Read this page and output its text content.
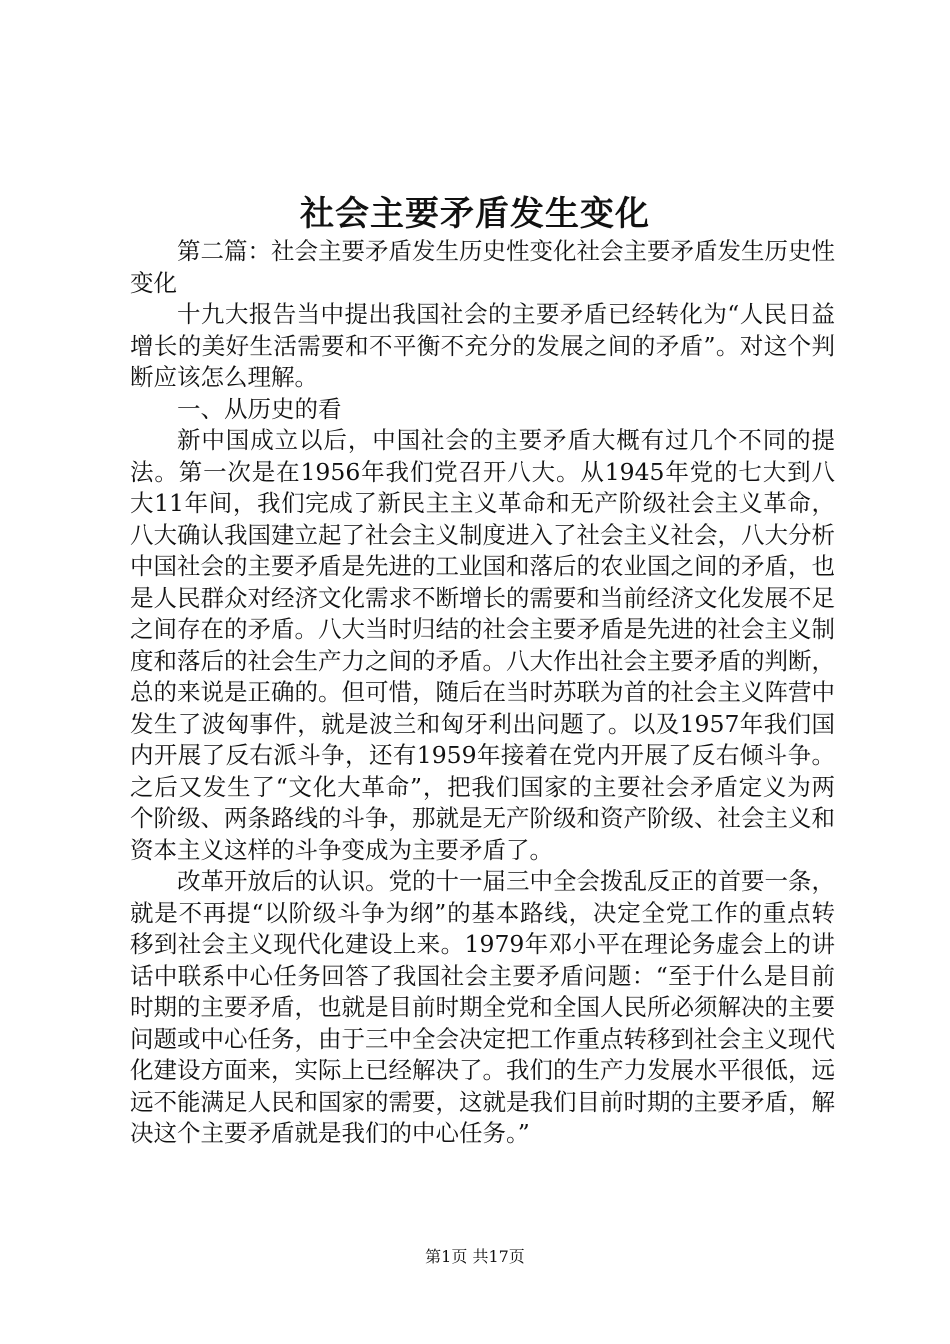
社会主要矛盾发生变化

第二篇：社会主要矛盾发生历史性变化社会主要矛盾发生历史性变化

十九大报告当中提出我国社会的主要矛盾已经转化为“人民日益增长的美好生活需要和不平衡不充分的发展之间的矛盾”。对这个判断应该怎么理解。

一、从历史的看

新中国成立以后，中国社会的主要矛盾大概有过几个不同的提法。第一次是在1956年我们党召开八大。从1945年党的七大到八大11年间，我们完成了新民主主义革命和无产阶级社会主义革命，八大确认我国建立起了社会主义制度进入了社会主义社会，八大分析中国社会的主要矛盾是先进的工业国和落后的农业国之间的矛盾，也是人民群众对经济文化需求不断增长的需要和当前经济文化发展不足之间存在的矛盾。八大当时归结的社会主要矛盾是先进的社会主义制度和落后的社会生产力之间的矛盾。八大作出社会主要矛盾的判断，总的来说是正确的。但可惜，随后在当时苏联为首的社会主义阵营中发生了波匈事件，就是波兰和匈牙利出问题了。以及1957年我们国内开展了反右派斗争，还有1959年接着在党内开展了反右倾斗争。之后又发生了“文化大革命”，把我们国家的主要社会矛盾定义为两个阶级、两条路线的斗争，那就是无产阶级和资产阶级、社会主义和资本主义这样的斗争变成为主要矛盾了。

改革开放后的认识。党的十一届三中全会拨乱反正的首要一条，就是不再提“以阶级斗争为纲”的基本路线，决定全党工作的重点转移到社会主义现代化建设上来。1979年邓小平在理论务虚会上的讲话中联系中心任务回答了我国社会主要矛盾问题：“至于什么是目前时期的主要矛盾，也就是目前时期全党和全国人民所必须解决的主要问题或中心任务，由于三中全会决定把工作重点转移到社会主义现代化建设方面来，实际上已经解决了。我们的生产力发展水平很低，远远不能满足人民和国家的需要，这就是我们目前时期的主要矛盾，解决这个主要矛盾就是我们的中心任务。”

第1页 共17页
